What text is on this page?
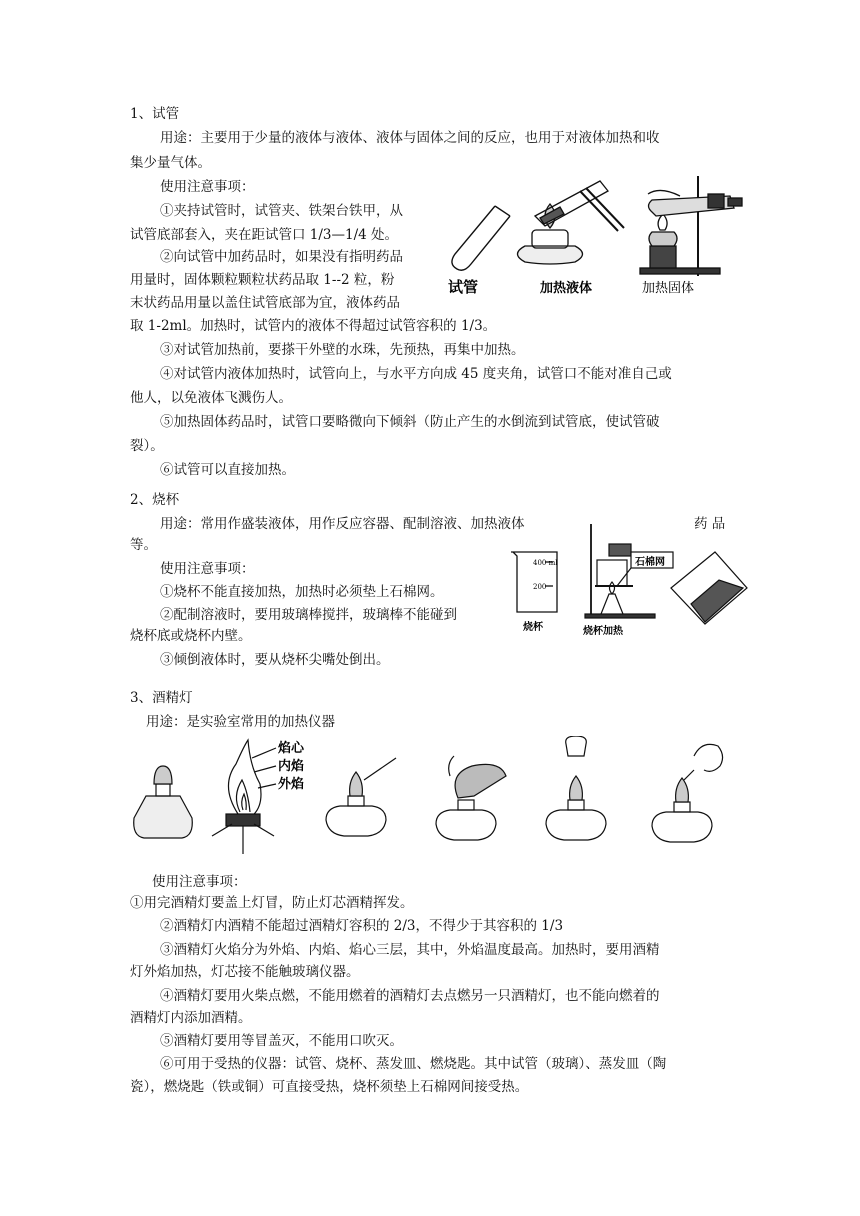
1、试管
用途：主要用于少量的液体与液体、液体与固体之间的反应，也用于对液体加热和收
集少量气体。
使用注意事项：
①夹持试管时，试管夹、铁架台铁甲，从
试管底部套入，夹在距试管口 1/3—1/4 处。
②向试管中加药品时，如果没有指明药品
用量时，固体颗粒颗粒状药品取 1--2 粒，粉
末状药品用量以盖住试管底部为宜，液体药品
取 1-2ml。加热时，试管内的液体不得超过试管容积的 1/3。
③对试管加热前，要搽干外壁的水珠，先预热，再集中加热。
④对试管内液体加热时，试管向上，与水平方向成 45 度夹角，试管口不能对准自己或
他人，以免液体飞溅伤人。
⑤加热固体药品时，试管口要略微向下倾斜（防止产生的水倒流到试管底，使试管破
裂）。
⑥试管可以直接加热。
试管	加热液体	加热固体
2、烧杯
用途：常用作盛装液体，用作反应容器、配制溶液、加热液体	药 品
等。
使用注意事项：
①烧杯不能直接加热，加热时必须垫上石棉网。
②配制溶液时，要用玻璃棒搅拌，玻璃棒不能碰到
烧杯底或烧杯内壁。
③倾倒液体时，要从烧杯尖嘴处倒出。
400 ml
200
烧杯
石棉网
烧杯加热
3、酒精灯
用途：是实验室常用的加热仪器
焰心
内焰
外焰
使用注意事项：
①用完酒精灯要盖上灯冒，防止灯芯酒精挥发。
②酒精灯内酒精不能超过酒精灯容积的 2/3，不得少于其容积的 1/3
③酒精灯火焰分为外焰、内焰、焰心三层，其中，外焰温度最高。加热时，要用酒精
灯外焰加热，灯芯接不能触玻璃仪器。
④酒精灯要用火柴点燃，不能用燃着的酒精灯去点燃另一只酒精灯，也不能向燃着的
酒精灯内添加酒精。
⑤酒精灯要用等冒盖灭，不能用口吹灭。
⑥可用于受热的仪器：试管、烧杯、蒸发皿、燃烧匙。其中试管（玻璃）、蒸发皿（陶
瓷），燃烧匙（铁或铜）可直接受热，烧杯须垫上石棉网间接受热。
